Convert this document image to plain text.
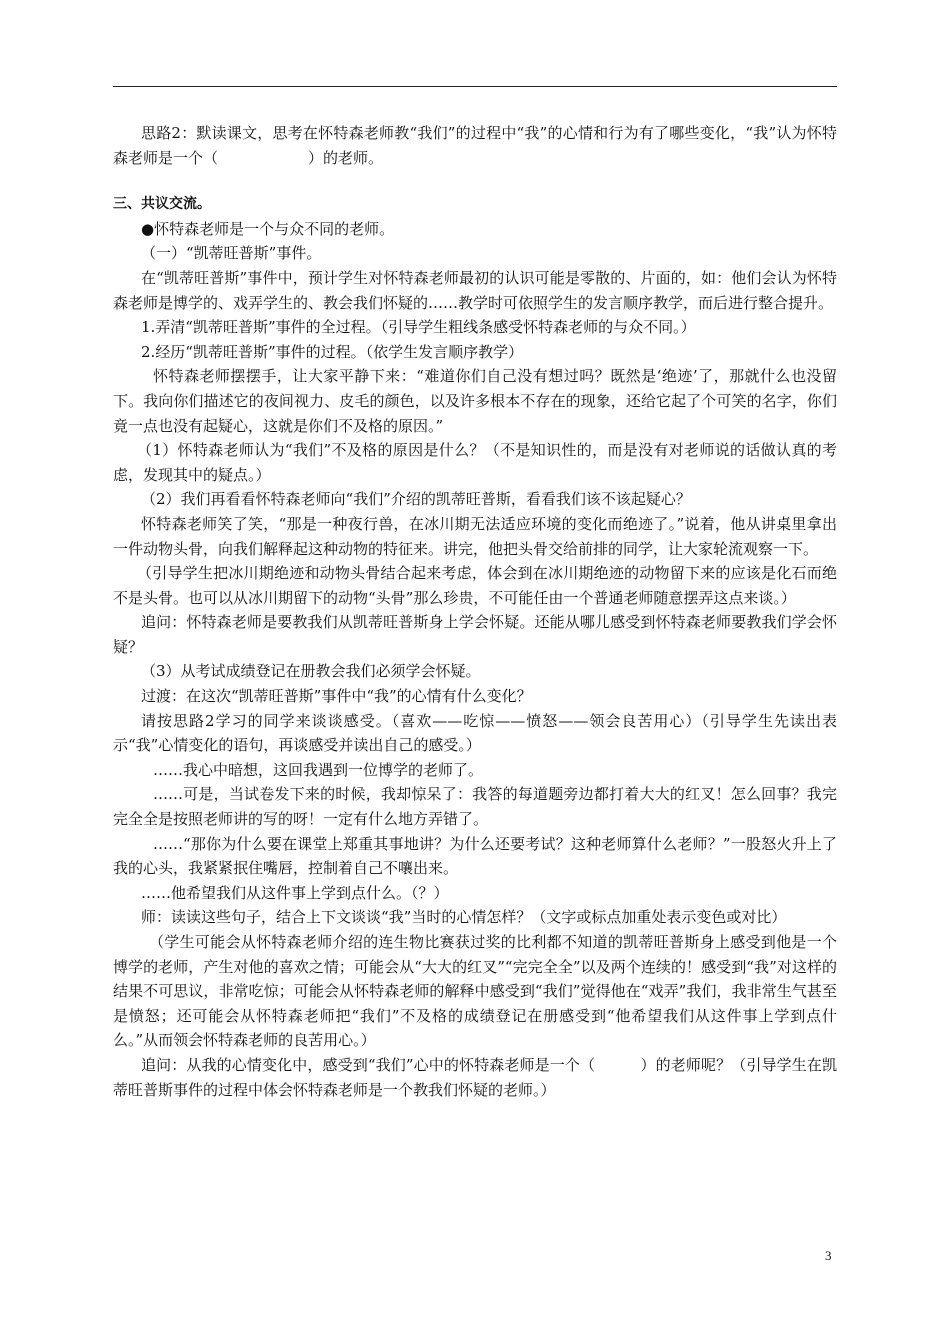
思路2：默读课文，思考在怀特森老师教“我们”的过程中“我”的心情和行为有了哪些变化，“我”认为怀特森老师是一个（　　　　　　）的老师。

三、共议交流。

●怀特森老师是一个与众不同的老师。

（一）“凯蒂旺普斯”事件。

在“凯蒂旺普斯”事件中，预计学生对怀特森老师最初的认识可能是零散的、片面的，如：他们会认为怀特森老师是博学的、戏弄学生的、教会我们怀疑的……教学时可依照学生的发言顺序教学，而后进行整合提升。

1.弄清“凯蒂旺普斯”事件的全过程。（引导学生粗线条感受怀特森老师的与众不同。）

2.经历“凯蒂旺普斯”事件的过程。（依学生发言顺序教学）

怀特森老师摆摆手，让大家平静下来：“难道你们自己没有想过吗？既然是‘绝迹’了，那就什么也没留下。我向你们描述它的夜间视力、皮毛的颜色，以及许多根本不存在的现象，还给它起了个可笑的名字，你们竟一点也没有起疑心，这就是你们不及格的原因。”

（1）怀特森老师认为“我们”不及格的原因是什么？（不是知识性的，而是没有对老师说的话做认真的考虑，发现其中的疑点。）

（2）我们再看看怀特森老师向“我们”介绍的凯蒂旺普斯，看看我们该不该起疑心？

怀特森老师笑了笑，“那是一种夜行兽，在冰川期无法适应环境的变化而绝迹了。”说着，他从讲桌里拿出一件动物头骨，向我们解释起这种动物的特征来。讲完，他把头骨交给前排的同学，让大家轮流观察一下。

（引导学生把冰川期绝迹和动物头骨结合起来考虑，体会到在冰川期绝迹的动物留下来的应该是化石而绝不是头骨。也可以从冰川期留下的动物“头骨”那么珍贵，不可能任由一个普通老师随意摆弄这点来谈。）

追问：怀特森老师是要教我们从凯蒂旺普斯身上学会怀疑。还能从哪儿感受到怀特森老师要教我们学会怀疑？

（3）从考试成绩登记在册教会我们必须学会怀疑。

过渡：在这次“凯蒂旺普斯”事件中“我”的心情有什么变化？

请按思路2学习的同学来谈谈感受。（喜欢——吃惊——愤怒——领会良苦用心）（引导学生先读出表示“我”心情变化的语句，再谈感受并读出自己的感受。）

……我心中暗想，这回我遇到一位博学的老师了。

……可是，当试卷发下来的时候，我却惊呆了：我答的每道题旁边都打着大大的红叉！怎么回事？我完完全全是按照老师讲的写的呀！一定有什么地方弄错了。

……“那你为什么要在课堂上郑重其事地讲？为什么还要考试？这种老师算什么老师？”一股怒火升上了我的心头，我紧紧抿住嘴唇，控制着自己不嚷出来。

……他希望我们从这件事上学到点什么。（？）

师：读读这些句子，结合上下文谈谈“我”当时的心情怎样？（文字或标点加重处表示变色或对比）

（学生可能会从怀特森老师介绍的连生物比赛获过奖的比利都不知道的凯蒂旺普斯身上感受到他是一个博学的老师，产生对他的喜欢之情；可能会从“大大的红叉”“完完全全”以及两个连续的！感受到“我”对这样的结果不可思议，非常吃惊；可能会从怀特森老师的解释中感受到“我们”觉得他在“戏弄”我们，我非常生气甚至是愤怒；还可能会从怀特森老师把“我们”不及格的成绩登记在册感受到“他希望我们从这件事上学到点什么。”从而领会怀特森老师的良苦用心。）

追问：从我的心情变化中，感受到“我们”心中的怀特森老师是一个（　　　）的老师呢？（引导学生在凯蒂旺普斯事件的过程中体会怀特森老师是一个教我们怀疑的老师。）

3
